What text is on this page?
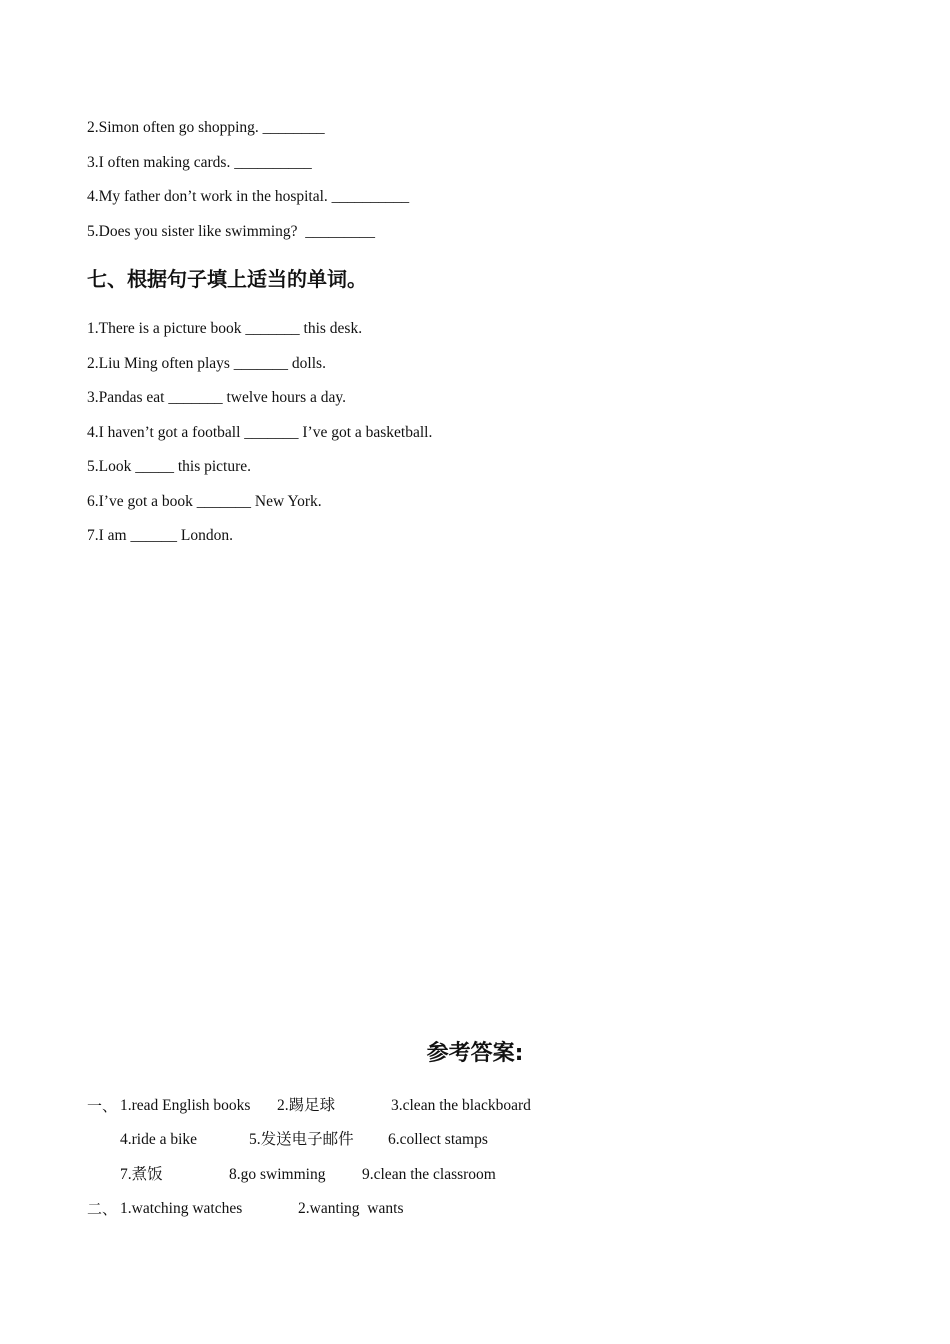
2.Simon often go shopping. ________
3.I often making cards. __________
4.My father don’t work in the hospital. __________
5.Does you sister like swimming?  _________
七、根据句子填上适当的单词。
1.There is a picture book _______ this desk.
2.Liu Ming often plays _______ dolls.
3.Pandas eat _______ twelve hours a day.
4.I haven’t got a football _______ I’ve got a basketball.
5.Look _____ this picture.
6.I’ve got a book _______ New York.
7.I am ______ London.
参考答案:
一、 1.read English books 2.踢足球	3.clean the blackboard
4.ride a bike	5.发送电子邮件 6.collect stamps
7.煮饭	8.go swimming 9.clean the classroom
二、 1.watching watches	2.wanting  wants
